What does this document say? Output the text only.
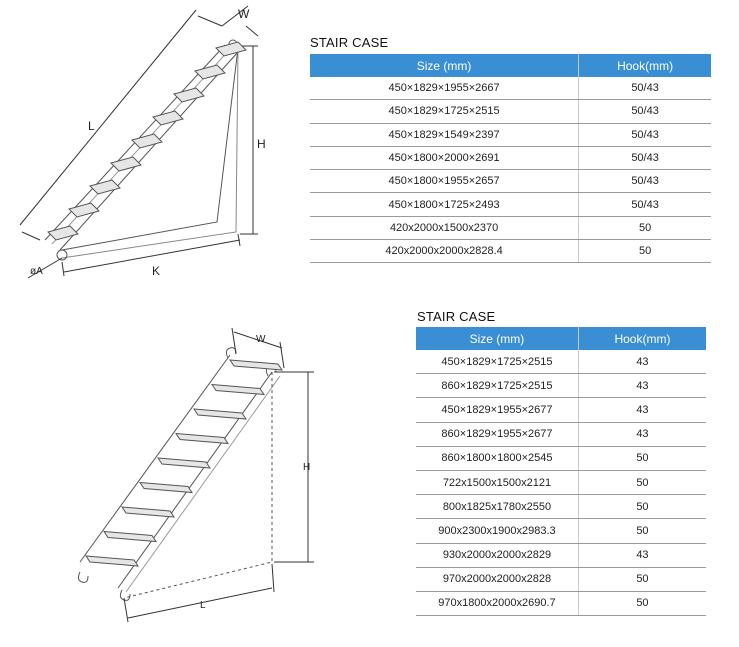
W
L
H
K
øA
STAIR CASE
Size (mm)	Hook(mm)
450×1829×1955×2667	50/43
450×1829×1725×2515	50/43
450×1829×1549×2397	50/43
450×1800×2000×2691	50/43
450×1800×1955×2657	50/43
450×1800×1725×2493	50/43
420x2000x1500x2370	50
420x2000x2000x2828.4	50
W
H
L
STAIR CASE
Size (mm)	Hook(mm)
450×1829×1725×2515	43
860×1829×1725×2515	43
450×1829×1955×2677	43
860×1829×1955×2677	43
860×1800×1800×2545	50
722x1500x1500x2121	50
800x1825x1780x2550	50
900x2300x1900x2983.3	50
930x2000x2000x2829	43
970x2000x2000x2828	50
970x1800x2000x2690.7	50
